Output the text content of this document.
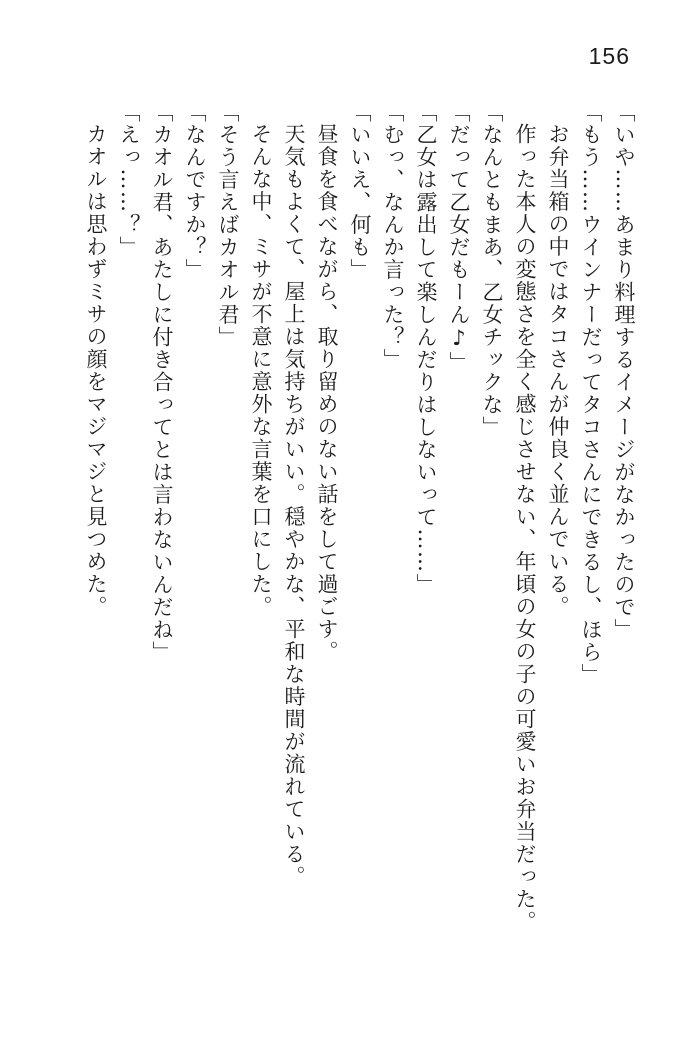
156

「いや……あまり料理するイメージがなかったので」

「もう……ウインナーだってタコさんにできるし、ほら」

お弁当箱の中ではタコさんが仲良く並んでいる。

作った本人の変態さを全く感じさせない、年頃の女の子の可愛いお弁当だった。

「なんともまあ、乙女チックな」

「だって乙女だもーん♪」

「乙女は露出して楽しんだりはしないって……」

「むっ、なんか言った？」

「いいえ、何も」

昼食を食べながら、取り留めのない話をして過ごす。

天気もよくて、屋上は気持ちがいい。穏やかな、平和な時間が流れている。

そんな中、ミサが不意に意外な言葉を口にした。

「そう言えばカオル君」

「なんですか？」

「カオル君、あたしに付き合ってとは言わないんだね」

「えっ……？」

カオルは思わずミサの顔をマジマジと見つめた。
